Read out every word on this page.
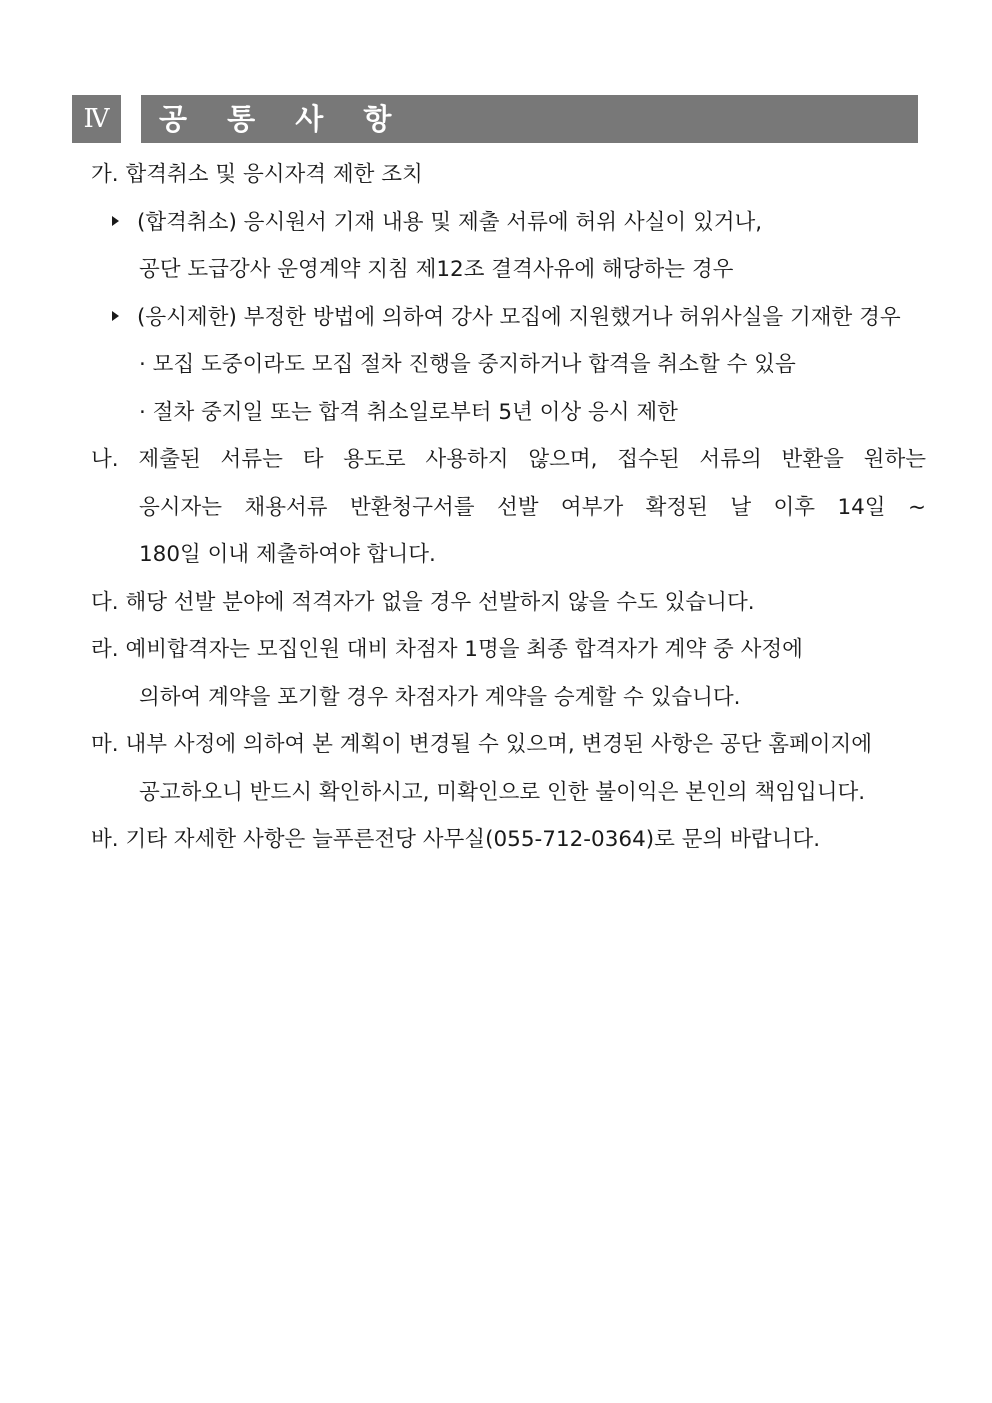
Ⅳ	공 통 사 항
가. 합격취소 및 응시자격 제한 조치
(합격취소) 응시원서 기재 내용 및 제출 서류에 허위 사실이 있거나,
공단 도급강사 운영계약 지침 제12조 결격사유에 해당하는 경우
(응시제한) 부정한 방법에 의하여 강사 모집에 지원했거나 허위사실을 기재한 경우
· 모집 도중이라도 모집 절차 진행을 중지하거나 합격을 취소할 수 있음
· 절차 중지일 또는 합격 취소일로부터 5년 이상 응시 제한
나. 제출된 서류는 타 용도로 사용하지 않으며, 접수된 서류의 반환을 원하는
응시자는 채용서류 반환청구서를 선발 여부가 확정된 날 이후 14일 ~
180일 이내 제출하여야 합니다.
다. 해당 선발 분야에 적격자가 없을 경우 선발하지 않을 수도 있습니다.
라. 예비합격자는 모집인원 대비 차점자 1명을 최종 합격자가 계약 중 사정에
의하여 계약을 포기할 경우 차점자가 계약을 승계할 수 있습니다.
마. 내부 사정에 의하여 본 계획이 변경될 수 있으며, 변경된 사항은 공단 홈페이지에
공고하오니 반드시 확인하시고, 미확인으로 인한 불이익은 본인의 책임입니다.
바. 기타 자세한 사항은 늘푸른전당 사무실(055-712-0364)로 문의 바랍니다.
